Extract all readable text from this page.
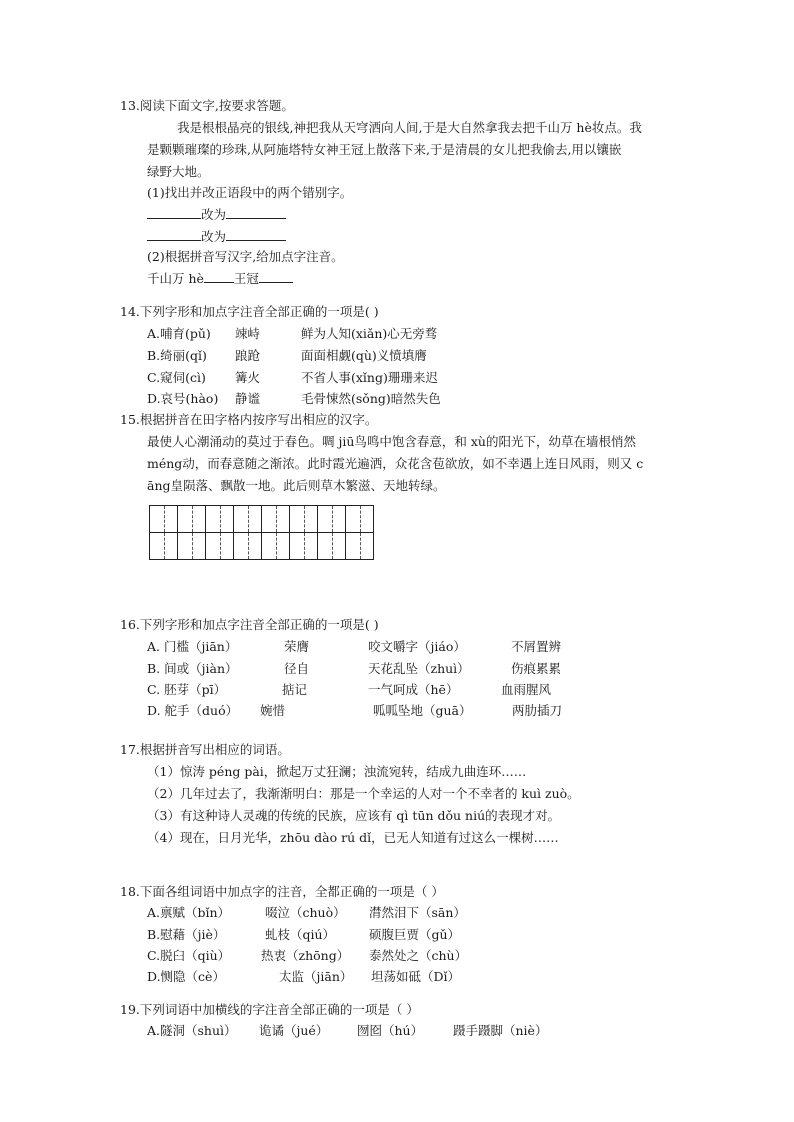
13.阅读下面文字,按要求答题。
我是根根晶亮的银线,神把我从天穹洒向人间,于是大自然拿我去把千山万 hè妆点。我
是颗颗璀璨的珍珠,从阿施塔特女神王冠上散落下来,于是清晨的女儿把我偷去,用以镶嵌
绿野大地。
(1)找出并改正语段中的两个错别字。
改为
改为
(2)根据拼音写汉字,给加点字注音。
千山万 hè 王冠
14.下列字形和加点字注音全部正确的一项是( )
A.哺育(pǔ) 竦峙	鲜为人知(xiǎn)心无旁骛
B.绮丽(qǐ) 踉跄	面面相觑(qù)义愤填膺
C.窥伺(cì) 篝火	不省人事(xǐng)珊珊来迟
D.哀号(hào) 静谧	毛骨悚然(sǒng)暗然失色
15.根据拼音在田字格内按序写出相应的汉字。
最使人心潮涌动的莫过于春色。啁 jiū鸟鸣中饱含春意，和 xù的阳光下，幼草在墙根悄然
méng动，而春意随之渐浓。此时霞光遍洒，众花含苞欲放，如不幸遇上连日风雨，则又 c
āng皇陨落、飘散一地。此后则草木繁滋、天地转绿。

16.下列字形和加点字注音全部正确的一项是( )
A. 门槛（jiān）	荣膺	咬文嚼字（jiáo）	不屑置辨
B. 间或（jiàn）	径自	天花乱坠（zhuì）	伤痕累累
C. 胚芽（pī）	掂记	一气呵成（hē）	血雨腥风
D. 舵手（duó） 婉惜	呱呱坠地（guā）	两肋插刀
17.根据拼音写出相应的词语。
（1）惊涛 péng pài，掀起万丈狂澜；浊流宛转，结成九曲连环……
（2）几年过去了，我渐渐明白：那是一个幸运的人对一个不幸者的 kuì zuò。
（3）有这种诗人灵魂的传统的民族，应该有 qì tūn dǒu niú的表现才对。
（4）现在，日月光华，zhōu dào rú dǐ，已无人知道有过这么一棵树……
18.下面各组词语中加点字的注音，全都正确的一项是（ ）
A.禀赋（bǐn）	啜泣（chuò） 潸然泪下（sān）
B.慰藉（jiè）	虬枝（qiú）	硕腹巨贾（gǔ）
C.脱臼（qiù） 热衷（zhōng） 泰然处之（chù）
D.恻隐（cè）	太监（jiān） 坦荡如砥（Dǐ）
19.下列词语中加横线的字注音全部正确的一项是（ ）
A.隧洞（shuì） 诡谲（jué） 囫囵（hú） 蹑手蹑脚（niè）
